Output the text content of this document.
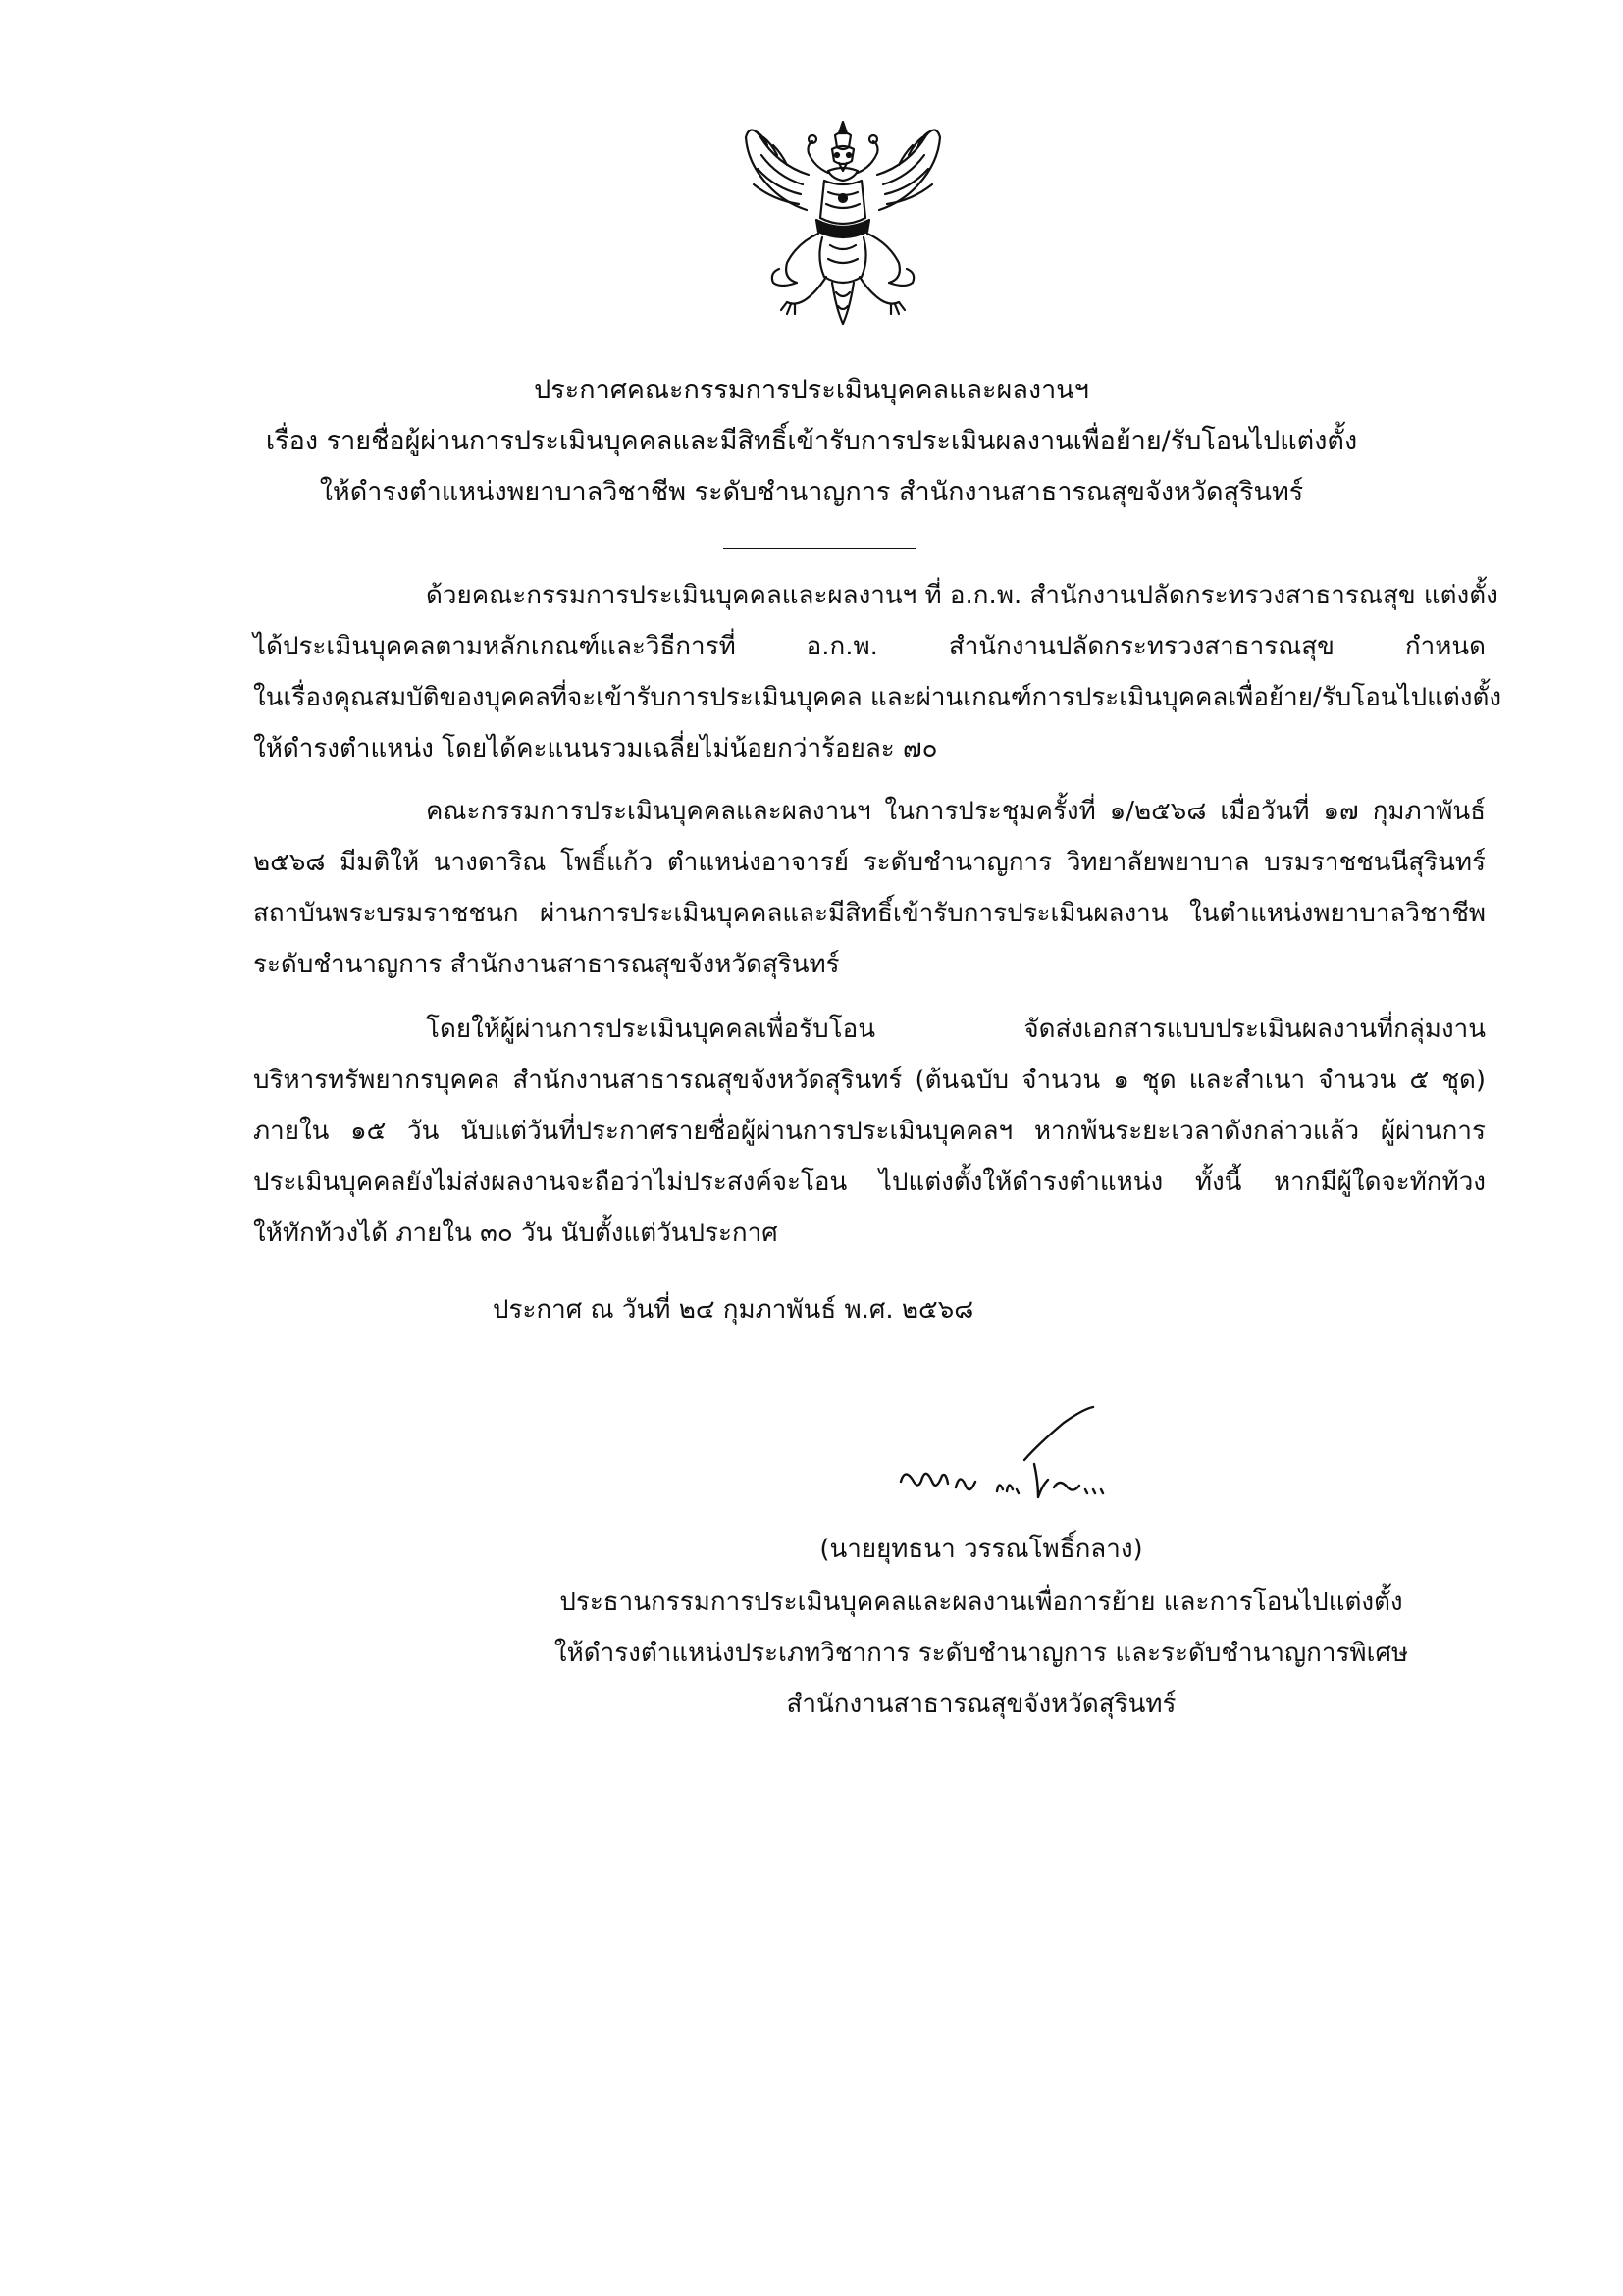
ประกาศคณะกรรมการประเมินบุคคลและผลงานฯ
เรื่อง รายชื่อผู้ผ่านการประเมินบุคคลและมีสิทธิ์เข้ารับการประเมินผลงานเพื่อย้าย/รับโอนไปแต่งตั้ง
ให้ดำรงตำแหน่งพยาบาลวิชาชีพ ระดับชำนาญการ สำนักงานสาธารณสุขจังหวัดสุรินทร์
ด้วยคณะกรรมการประเมินบุคคลและผลงานฯ ที่ อ.ก.พ. สำนักงานปลัดกระทรวงสาธารณสุข แต่งตั้ง
ได้ประเมินบุคคลตามหลักเกณฑ์และวิธีการที่ อ.ก.พ. สำนักงานปลัดกระทรวงสาธารณสุข กำหนด
ในเรื่องคุณสมบัติของบุคคลที่จะเข้ารับการประเมินบุคคล และผ่านเกณฑ์การประเมินบุคคลเพื่อย้าย/รับโอนไปแต่งตั้ง
ให้ดำรงตำแหน่ง โดยได้คะแนนรวมเฉลี่ยไม่น้อยกว่าร้อยละ ๗๐
คณะกรรมการประเมินบุคคลและผลงานฯ ในการประชุมครั้งที่ ๑/๒๕๖๘ เมื่อวันที่ ๑๗ กุมภาพันธ์
๒๕๖๘ มีมติให้ นางดาริณ โพธิ์แก้ว ตำแหน่งอาจารย์ ระดับชำนาญการ วิทยาลัยพยาบาล บรมราชชนนีสุรินทร์
สถาบันพระบรมราชชนก ผ่านการประเมินบุคคลและมีสิทธิ์เข้ารับการประเมินผลงาน ในตำแหน่งพยาบาลวิชาชีพ
ระดับชำนาญการ สำนักงานสาธารณสุขจังหวัดสุรินทร์
โดยให้ผู้ผ่านการประเมินบุคคลเพื่อรับโอน จัดส่งเอกสารแบบประเมินผลงานที่กลุ่มงาน
บริหารทรัพยากรบุคคล สำนักงานสาธารณสุขจังหวัดสุรินทร์ (ต้นฉบับ จำนวน ๑ ชุด และสำเนา จำนวน ๕ ชุด)
ภายใน ๑๕ วัน นับแต่วันที่ประกาศรายชื่อผู้ผ่านการประเมินบุคคลฯ หากพ้นระยะเวลาดังกล่าวแล้ว ผู้ผ่านการ
ประเมินบุคคลยังไม่ส่งผลงานจะถือว่าไม่ประสงค์จะโอน ไปแต่งตั้งให้ดำรงตำแหน่ง ทั้งนี้ หากมีผู้ใดจะทักท้วง
ให้ทักท้วงได้ ภายใน ๓๐ วัน นับตั้งแต่วันประกาศ
ประกาศ ณ วันที่ ๒๔ กุมภาพันธ์ พ.ศ. ๒๕๖๘
(นายยุทธนา วรรณโพธิ์กลาง)
ประธานกรรมการประเมินบุคคลและผลงานเพื่อการย้าย และการโอนไปแต่งตั้ง
ให้ดำรงตำแหน่งประเภทวิชาการ ระดับชำนาญการ และระดับชำนาญการพิเศษ
สำนักงานสาธารณสุขจังหวัดสุรินทร์
